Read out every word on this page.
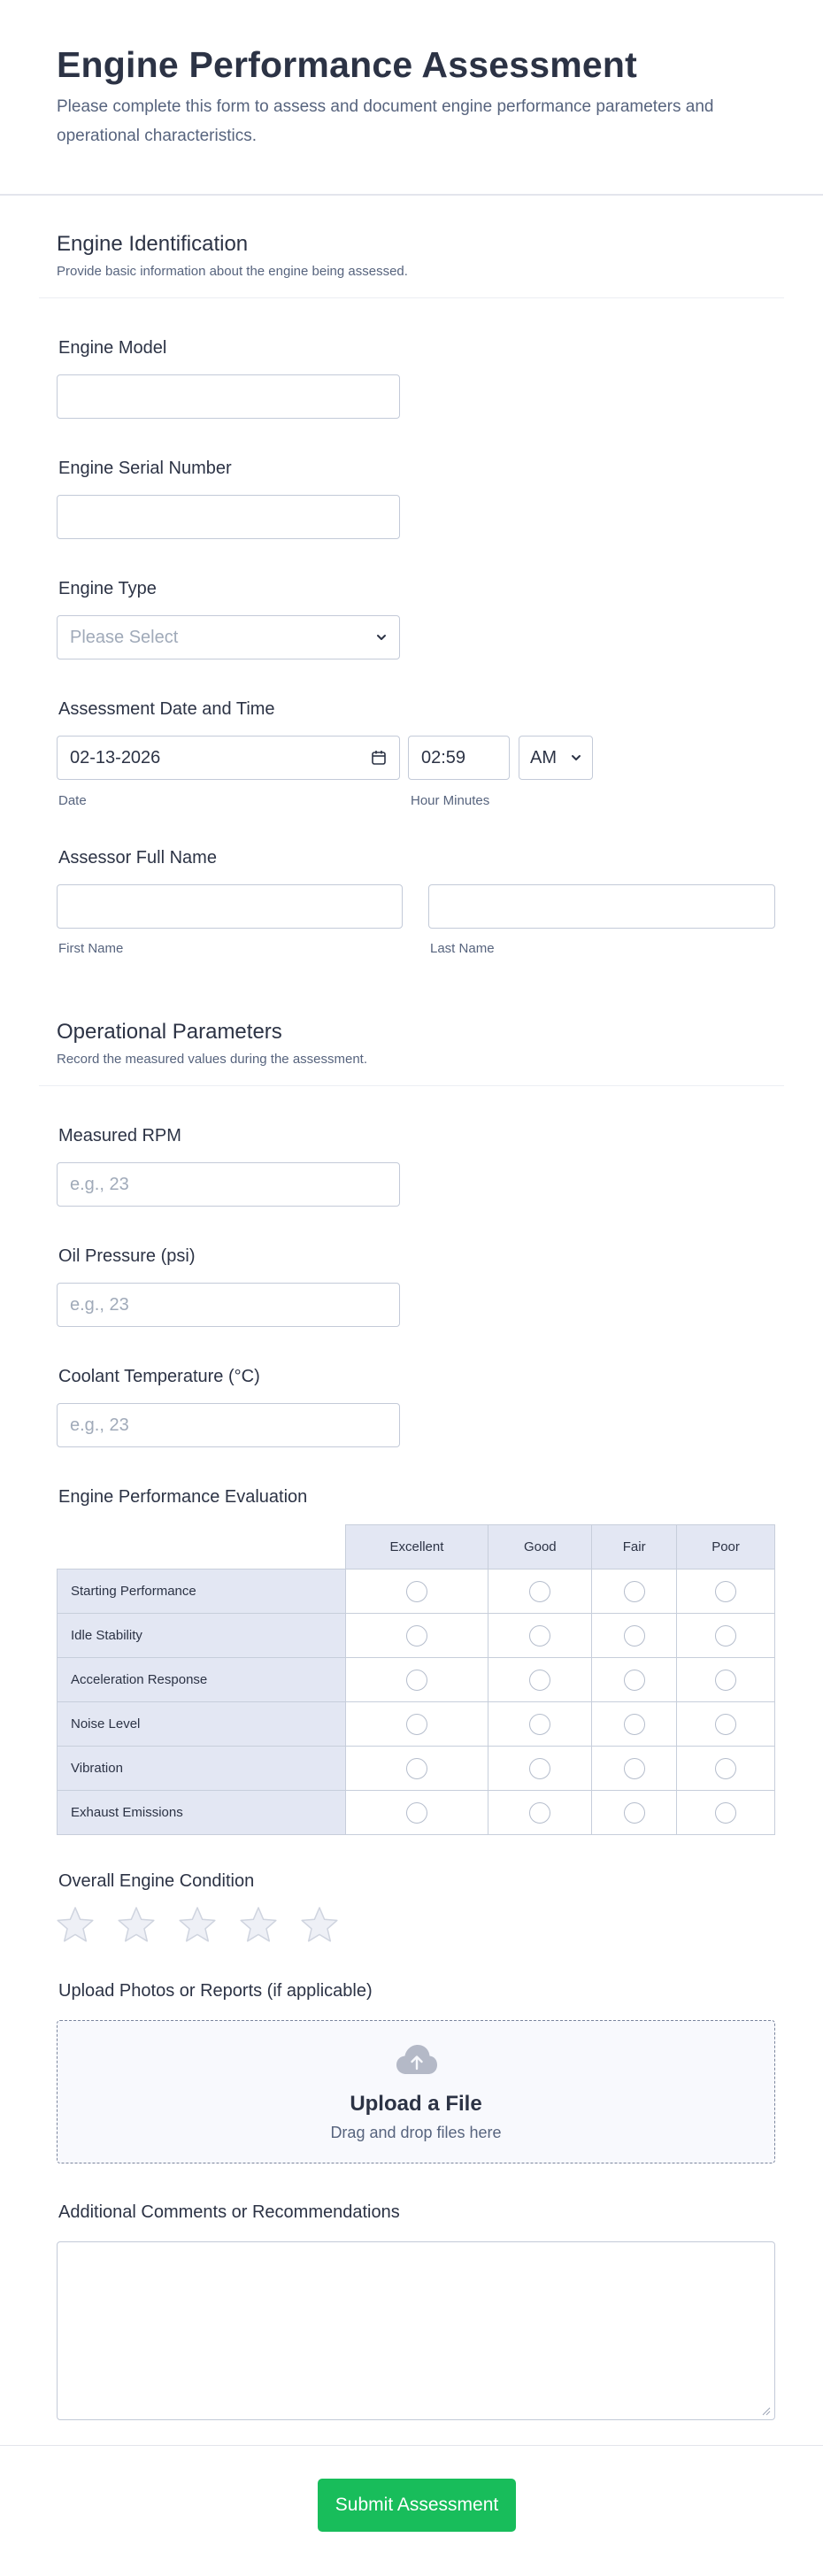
Engine Performance Assessment

Please complete this form to assess and document engine performance parameters and operational characteristics.

Engine Identification

Provide basic information about the engine being assessed.

Engine Model
Engine Serial Number
Engine Type
Please Select
Assessment Date and Time
02-13-2026	02:59	AM
Date	Hour Minutes
Assessor Full Name
First Name	Last Name
Operational Parameters

Record the measured values during the assessment.

Measured RPM
e.g., 23
Oil Pressure (psi)
e.g., 23
Coolant Temperature (°C)
e.g., 23
Engine Performance Evaluation
	Excellent	Good	Fair	Poor
Starting Performance				
Idle Stability				
Acceleration Response				
Noise Level				
Vibration				
Exhaust Emissions				
Overall Engine Condition
Upload Photos or Reports (if applicable)
Upload a File
Drag and drop files here
Additional Comments or Recommendations
Submit Assessment
